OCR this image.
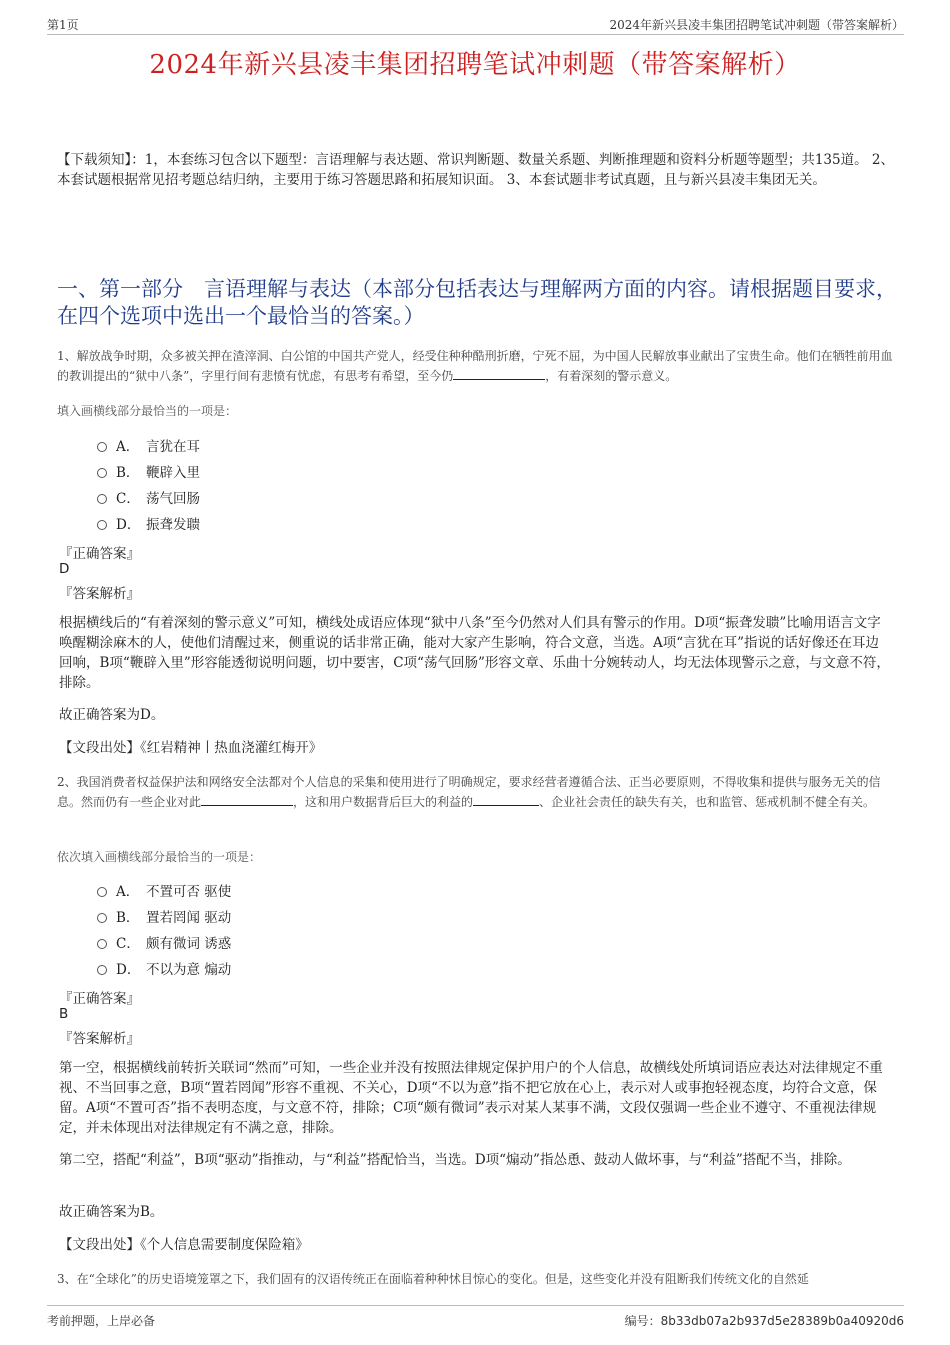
第1页	2024年新兴县凌丰集团招聘笔试冲刺题（带答案解析）
2024年新兴县凌丰集团招聘笔试冲刺题（带答案解析）
【下载须知】：1，本套练习包含以下题型：言语理解与表达题、常识判断题、数量关系题、判断推理题和资料分析题等题型；共135道。 2、本套试题根据常见招考题总结归纳，主要用于练习答题思路和拓展知识面。 3、本套试题非考试真题，且与新兴县凌丰集团无关。
一、第一部分　言语理解与表达（本部分包括表达与理解两方面的内容。请根据题目要求，在四个选项中选出一个最恰当的答案。）
1、解放战争时期，众多被关押在渣滓洞、白公馆的中国共产党人，经受住种种酷刑折磨，宁死不屈，为中国人民解放事业献出了宝贵生命。他们在牺牲前用血的教训提出的“狱中八条”，字里行间有悲愤有忧虑，有思考有希望，至今仍	，有着深刻的警示意义。
填入画横线部分最恰当的一项是：
A． 言犹在耳
B． 鞭辟入里
C． 荡气回肠
D． 振聋发聩
『正确答案』
D
『答案解析』
根据横线后的“有着深刻的警示意义”可知，横线处成语应体现“狱中八条”至今仍然对人们具有警示的作用。D项“振聋发聩”比喻用语言文字唤醒糊涂麻木的人，使他们清醒过来，侧重说的话非常正确，能对大家产生影响，符合文意，当选。A项“言犹在耳”指说的话好像还在耳边回响，B项“鞭辟入里”形容能透彻说明问题，切中要害，C项“荡气回肠”形容文章、乐曲十分婉转动人，均无法体现警示之意，与文意不符，排除。
故正确答案为D。
【文段出处】《红岩精神丨热血浇灌红梅开》
2、我国消费者权益保护法和网络安全法都对个人信息的采集和使用进行了明确规定，要求经营者遵循合法、正当必要原则，不得收集和提供与服务无关的信息。然而仍有一些企业对此	，这和用户数据背后巨大的利益的	、企业社会责任的缺失有关，也和监管、惩戒机制不健全有关。
依次填入画横线部分最恰当的一项是：
A． 不置可否 驱使
B． 置若罔闻 驱动
C． 颇有微词 诱惑
D． 不以为意 煽动
『正确答案』
B
『答案解析』
第一空，根据横线前转折关联词“然而”可知，一些企业并没有按照法律规定保护用户的个人信息，故横线处所填词语应表达对法律规定不重视、不当回事之意，B项“置若罔闻”形容不重视、不关心，D项“不以为意”指不把它放在心上，表示对人或事抱轻视态度，均符合文意，保留。A项“不置可否”指不表明态度，与文意不符，排除；C项“颇有微词”表示对某人某事不满，文段仅强调一些企业不遵守、不重视法律规定，并未体现出对法律规定有不满之意，排除。
第二空，搭配“利益”，B项“驱动”指推动，与“利益”搭配恰当，当选。D项“煽动”指怂恿、鼓动人做坏事，与“利益”搭配不当，排除。
故正确答案为B。
【文段出处】《个人信息需要制度保险箱》
3、在“全球化”的历史语境笼罩之下，我们固有的汉语传统正在面临着种种怵目惊心的变化。但是，这些变化并没有阻断我们传统文化的自然延
考前押题，上岸必备	编号：8b33db07a2b937d5e28389b0a40920d6
